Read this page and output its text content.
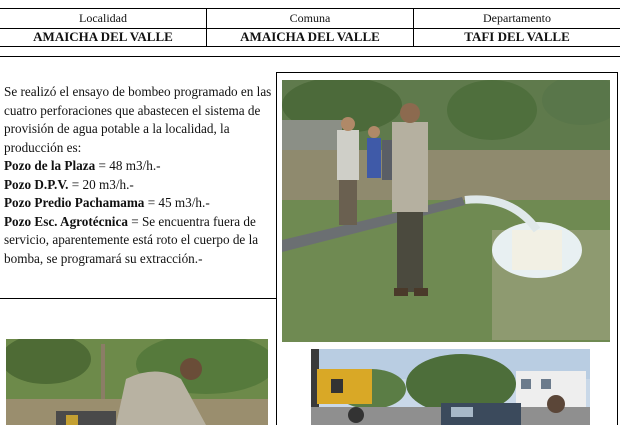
Localidad	Comuna	Departamento
AMAICHA DEL VALLE	AMAICHA DEL VALLE	TAFI DEL VALLE
Se realizó el ensayo de bombeo programado en las cuatro perforaciones que abastecen el sistema de provisión de agua potable a la localidad, la producción es:
Pozo de la Plaza = 48 m3/h.-
Pozo D.P.V. = 20 m3/h.-
Pozo Predio Pachamama = 45 m3/h.-
Pozo Esc. Agrotécnica = Se encuentra fuera de servicio, aparentemente está roto el cuerpo de la bomba, se programará su extracción.-
